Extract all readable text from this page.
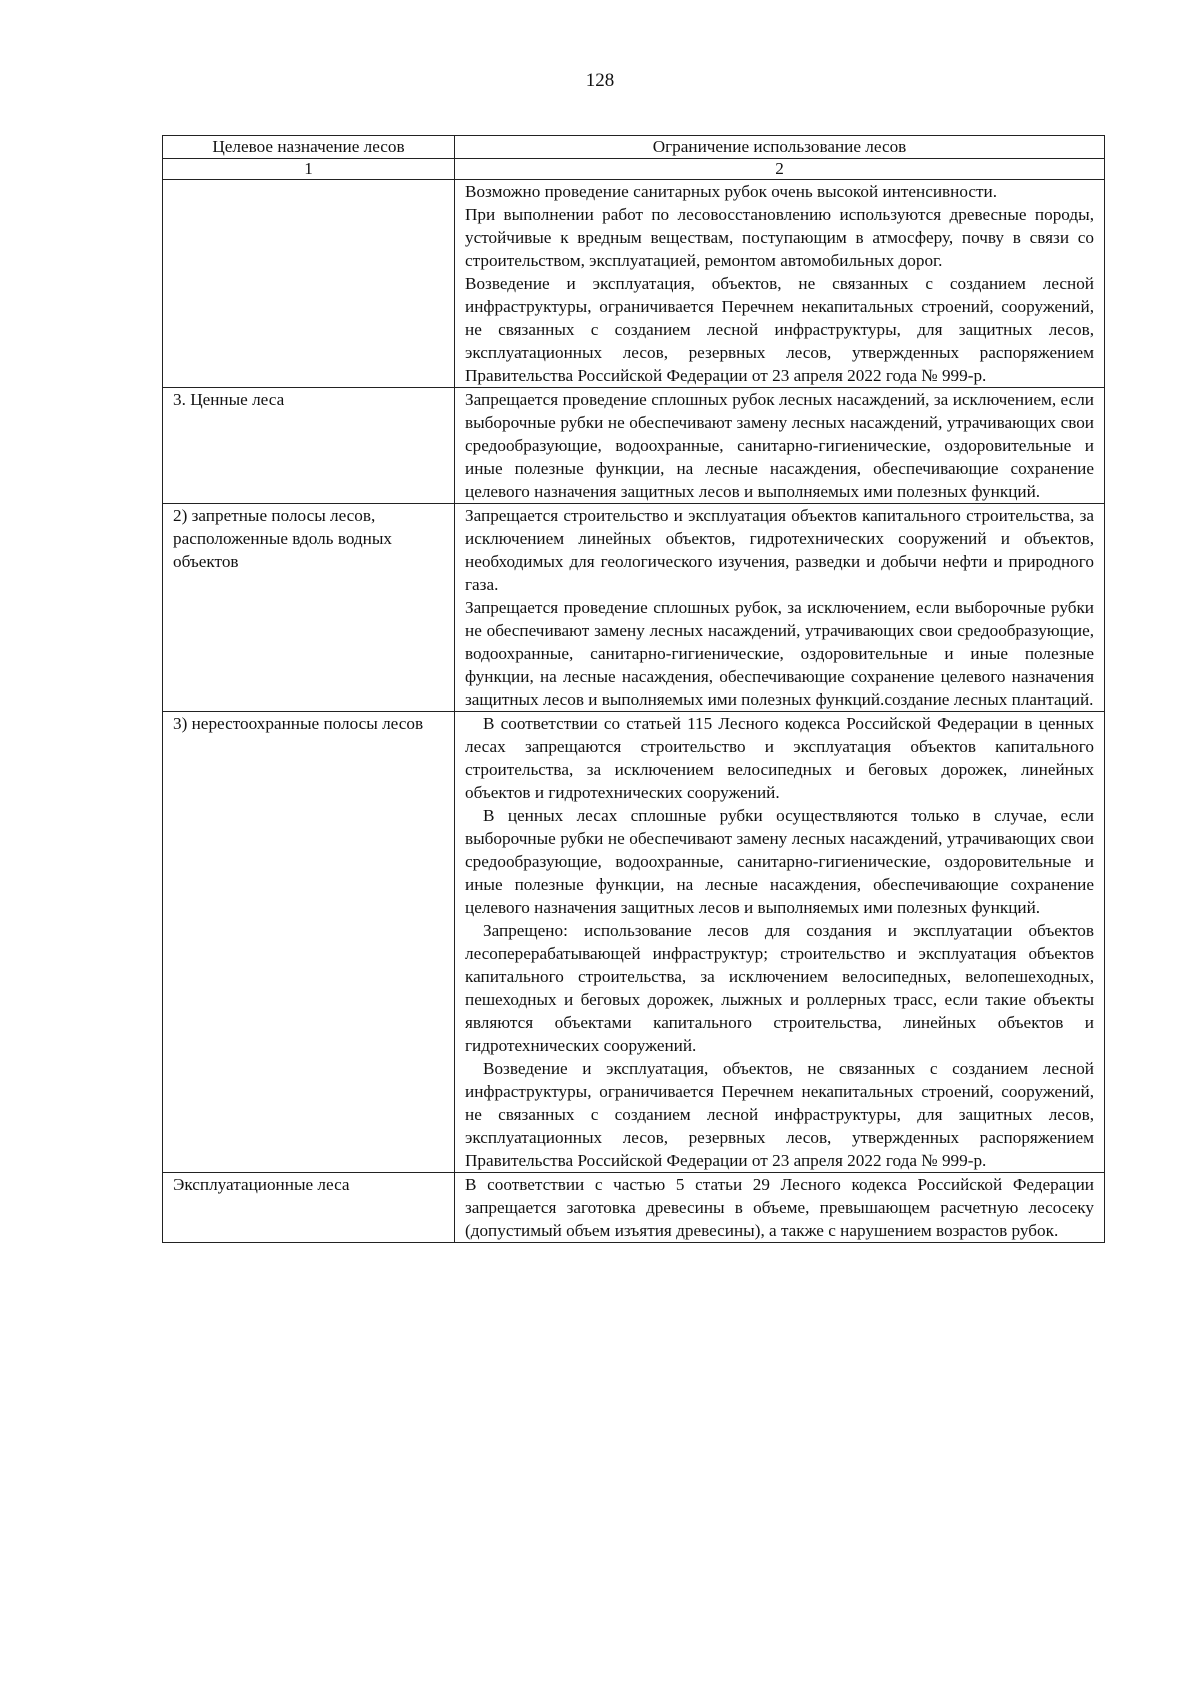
128
Целевое назначение лесов	Ограничение использование лесов
1	2

	Возможно проведение санитарных рубок очень высокой интенсивности.

При выполнении работ по лесовосстановлению используются древесные породы, устойчивые к вредным веществам, поступающим в атмосферу, почву в связи со строительством, эксплуатацией, ремонтом автомобильных дорог.

Возведение и эксплуатация, объектов, не связанных с созданием лесной инфраструктуры, ограничивается Перечнем некапитальных строений, сооружений, не связанных с созданием лесной инфраструктуры, для защитных лесов, эксплуатационных лесов, резервных лесов, утвержденных распоряжением Правительства Российской Федерации от 23 апреля 2022 года № 999-р.

3. Ценные леса	Запрещается проведение сплошных рубок лесных насаждений, за исключением, если выборочные рубки не обеспечивают замену лесных насаждений, утрачивающих свои средообразующие, водоохранные, санитарно-гигиенические, оздоровительные и иные полезные функции, на лесные насаждения, обеспечивающие сохранение целевого назначения защитных лесов и выполняемых ими полезных функций.

2) запретные полосы лесов, расположенные вдоль водных объектов	Запрещается строительство и эксплуатация объектов капитального строительства, за исключением линейных объектов, гидротехнических сооружений и объектов, необходимых для геологического изучения, разведки и добычи нефти и природного газа.

Запрещается проведение сплошных рубок, за исключением, если выборочные рубки не обеспечивают замену лесных насаждений, утрачивающих свои средообразующие, водоохранные, санитарно-гигиенические, оздоровительные и иные полезные функции, на лесные насаждения, обеспечивающие сохранение целевого назначения защитных лесов и выполняемых ими полезных функций.создание лесных плантаций.

3) нерестоохранные полосы лесов	В соответствии со статьей 115 Лесного кодекса Российской Федерации в ценных лесах запрещаются строительство и эксплуатация объектов капитального строительства, за исключением велосипедных и беговых дорожек, линейных объектов и гидротехнических сооружений.

В ценных лесах сплошные рубки осуществляются только в случае, если выборочные рубки не обеспечивают замену лесных насаждений, утрачивающих свои средообразующие, водоохранные, санитарно-гигиенические, оздоровительные и иные полезные функции, на лесные насаждения, обеспечивающие сохранение целевого назначения защитных лесов и выполняемых ими полезных функций.

Запрещено: использование лесов для создания и эксплуатации объектов лесоперерабатывающей инфраструктур; строительство и эксплуатация объектов капитального строительства, за исключением велосипедных, велопешеходных, пешеходных и беговых дорожек, лыжных и роллерных трасс, если такие объекты являются объектами капитального строительства, линейных объектов и гидротехнических сооружений.

Возведение и эксплуатация, объектов, не связанных с созданием лесной инфраструктуры, ограничивается Перечнем некапитальных строений, сооружений, не связанных с созданием лесной инфраструктуры, для защитных лесов, эксплуатационных лесов, резервных лесов, утвержденных распоряжением Правительства Российской Федерации от 23 апреля 2022 года № 999-р.

Эксплуатационные леса	В соответствии с частью 5 статьи 29 Лесного кодекса Российской Федерации запрещается заготовка древесины в объеме, превышающем расчетную лесосеку (допустимый объем изъятия древесины), а также с нарушением возрастов рубок.
